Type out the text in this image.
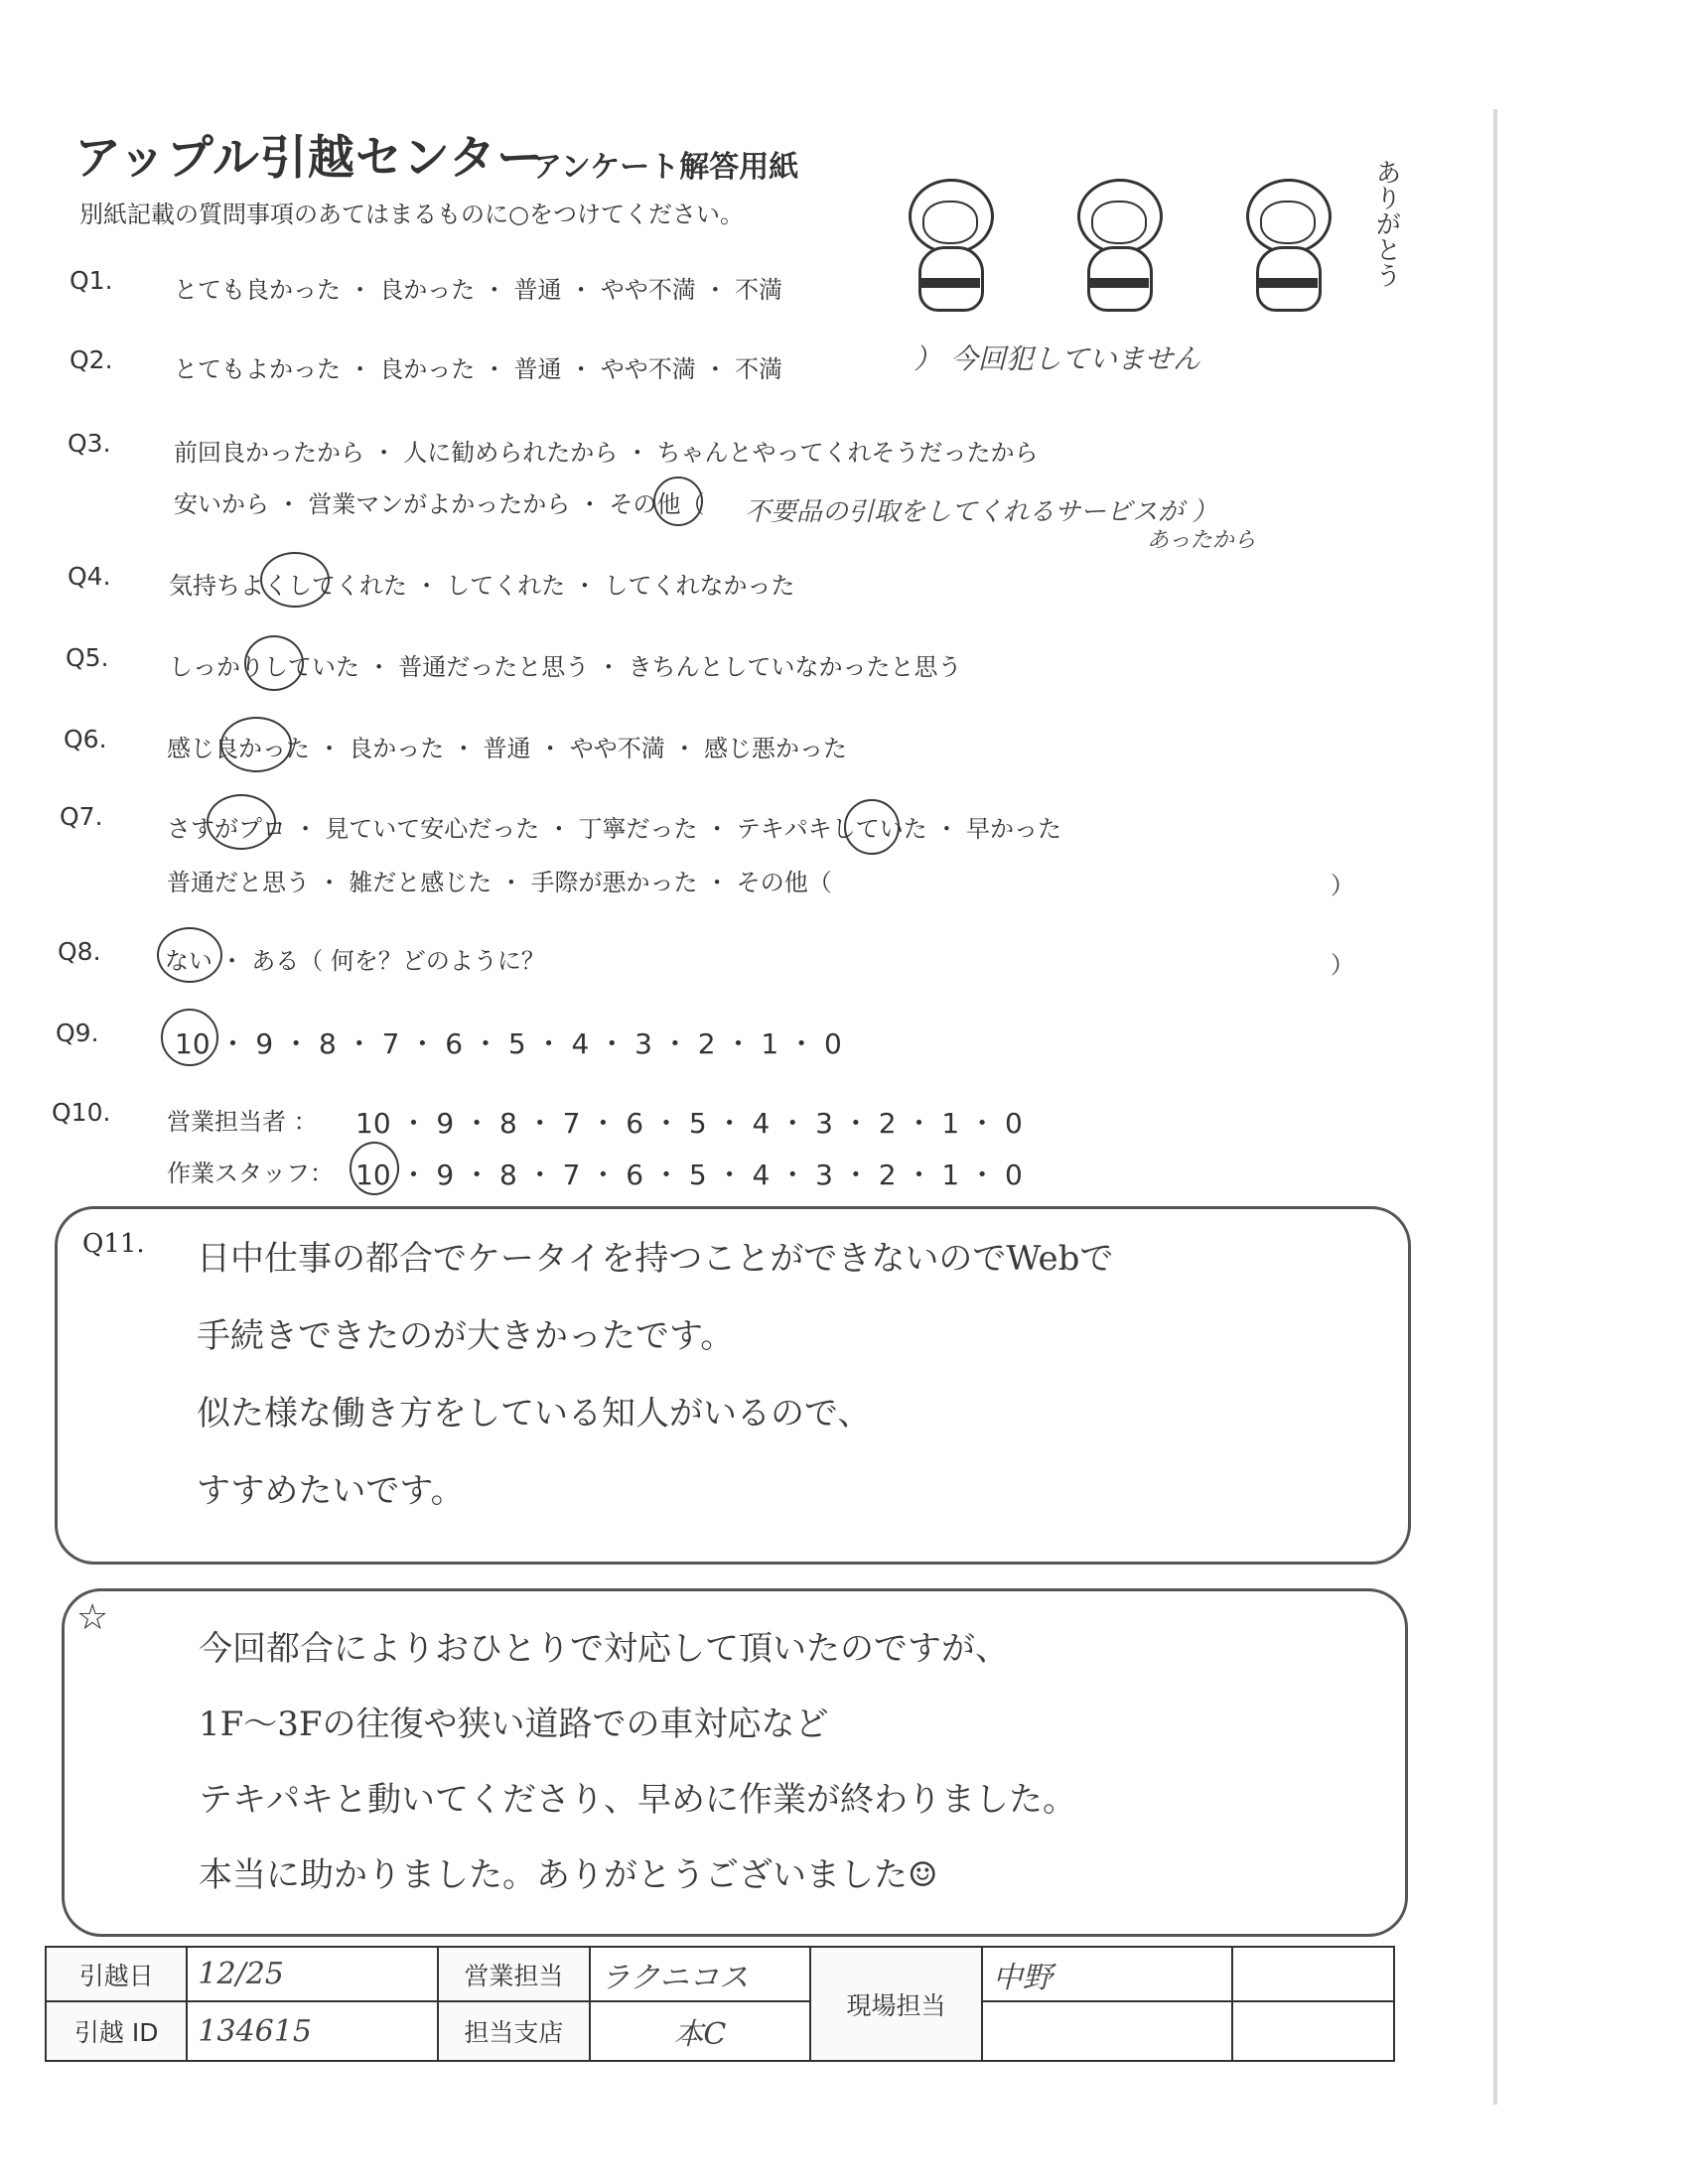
アップル引越センター
アンケート解答用紙
別紙記載の質問事項のあてはまるものに○をつけてください。	ありがとう
Q1.	とても良かった ・ 良かった ・ 普通 ・ やや不満 ・ 不満
Q2.	とてもよかった ・ 良かった ・ 普通 ・ やや不満 ・ 不満	） 今回犯していません
Q3.	前回良かったから ・ 人に勧められたから ・ ちゃんとやってくれそうだったから
安いから ・ 営業マンがよかったから ・ その他（ 不要品の引取をしてくれるサービスが ）
あったから
Q4. 気持ちよくしてくれた ・ してくれた ・ してくれなかった
Q5.	しっかりしていた ・ 普通だったと思う ・ きちんとしていなかったと思う
Q6.	感じ良かった ・ 良かった ・ 普通 ・ やや不満 ・ 感じ悪かった
Q7.	さすがプロ ・ 見ていて安心だった ・ 丁寧だった ・ テキパキしていた ・ 早かった
普通だと思う ・ 雑だと感じた ・ 手際が悪かった ・ その他（	）
Q8.	ない ・ ある（ 何を？どのように？	）
Q9.	10 ・ 9 ・ 8 ・ 7 ・ 6 ・ 5 ・ 4 ・ 3 ・ 2 ・ 1 ・ 0
Q10. 営業担当者 ： 10 ・ 9 ・ 8 ・ 7 ・ 6 ・ 5 ・ 4 ・ 3 ・ 2 ・ 1 ・ 0
作業スタッフ： 10 ・ 9 ・ 8 ・ 7 ・ 6 ・ 5 ・ 4 ・ 3 ・ 2 ・ 1 ・ 0
Q11. 日中仕事の都合でケータイを持つことができないのでWebで
手続きできたのが大きかったです。
似た様な働き方をしている知人がいるので、
すすめたいです。
☆
今回都合によりおひとりで対応して頂いたのですが、
1F～3Fの往復や狭い道路での車対応など
テキパキと動いてくださり、早めに作業が終わりました。
本当に助かりました。ありがとうございました☺
引越日	12/25	営業担当	ラクニコス	現場担当	中野	
引越 ID	134615	担当支店	本C			
